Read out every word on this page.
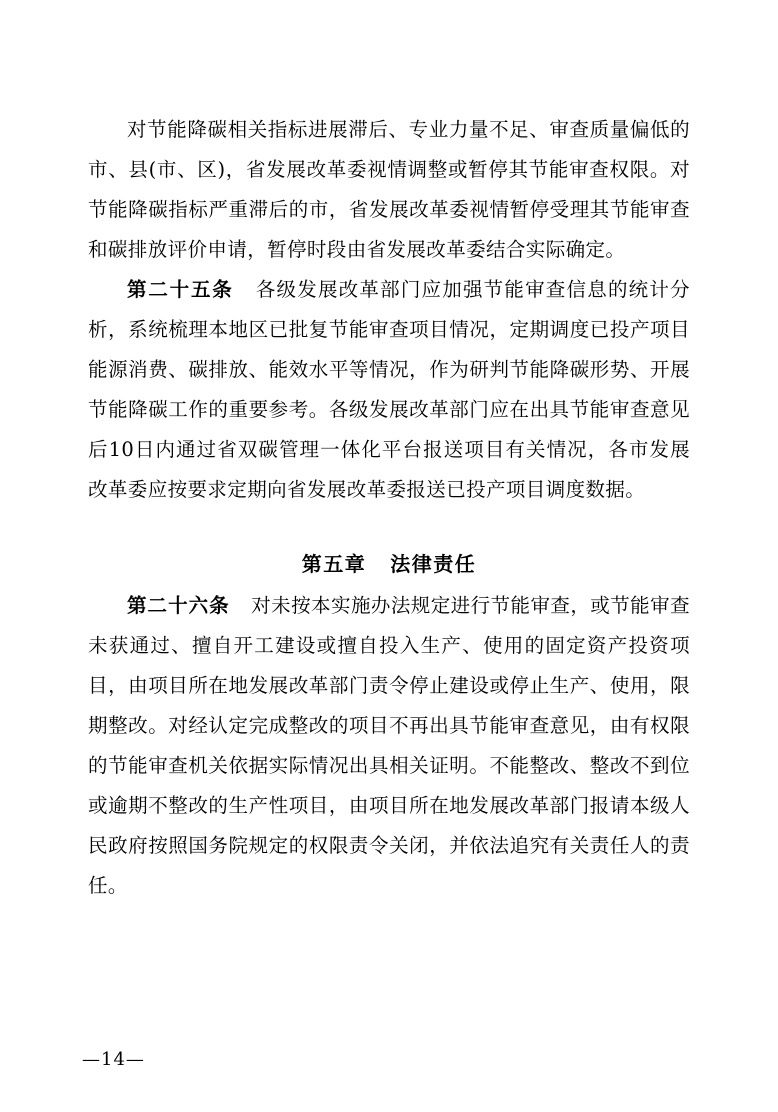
对节能降碳相关指标进展滞后、专业力量不足、审查质量偏低的市、县(市、区)，省发展改革委视情调整或暂停其节能审查权限。对节能降碳指标严重滞后的市，省发展改革委视情暂停受理其节能审查和碳排放评价申请，暂停时段由省发展改革委结合实际确定。

第二十五条 各级发展改革部门应加强节能审查信息的统计分析，系统梳理本地区已批复节能审查项目情况，定期调度已投产项目能源消费、碳排放、能效水平等情况，作为研判节能降碳形势、开展节能降碳工作的重要参考。各级发展改革部门应在出具节能审查意见后10日内通过省双碳管理一体化平台报送项目有关情况，各市发展改革委应按要求定期向省发展改革委报送已投产项目调度数据。

第五章 法律责任

第二十六条 对未按本实施办法规定进行节能审查，或节能审查未获通过、擅自开工建设或擅自投入生产、使用的固定资产投资项目，由项目所在地发展改革部门责令停止建设或停止生产、使用，限期整改。对经认定完成整改的项目不再出具节能审查意见，由有权限的节能审查机关依据实际情况出具相关证明。不能整改、整改不到位或逾期不整改的生产性项目，由项目所在地发展改革部门报请本级人民政府按照国务院规定的权限责令关闭，并依法追究有关责任人的责任。

—14—
